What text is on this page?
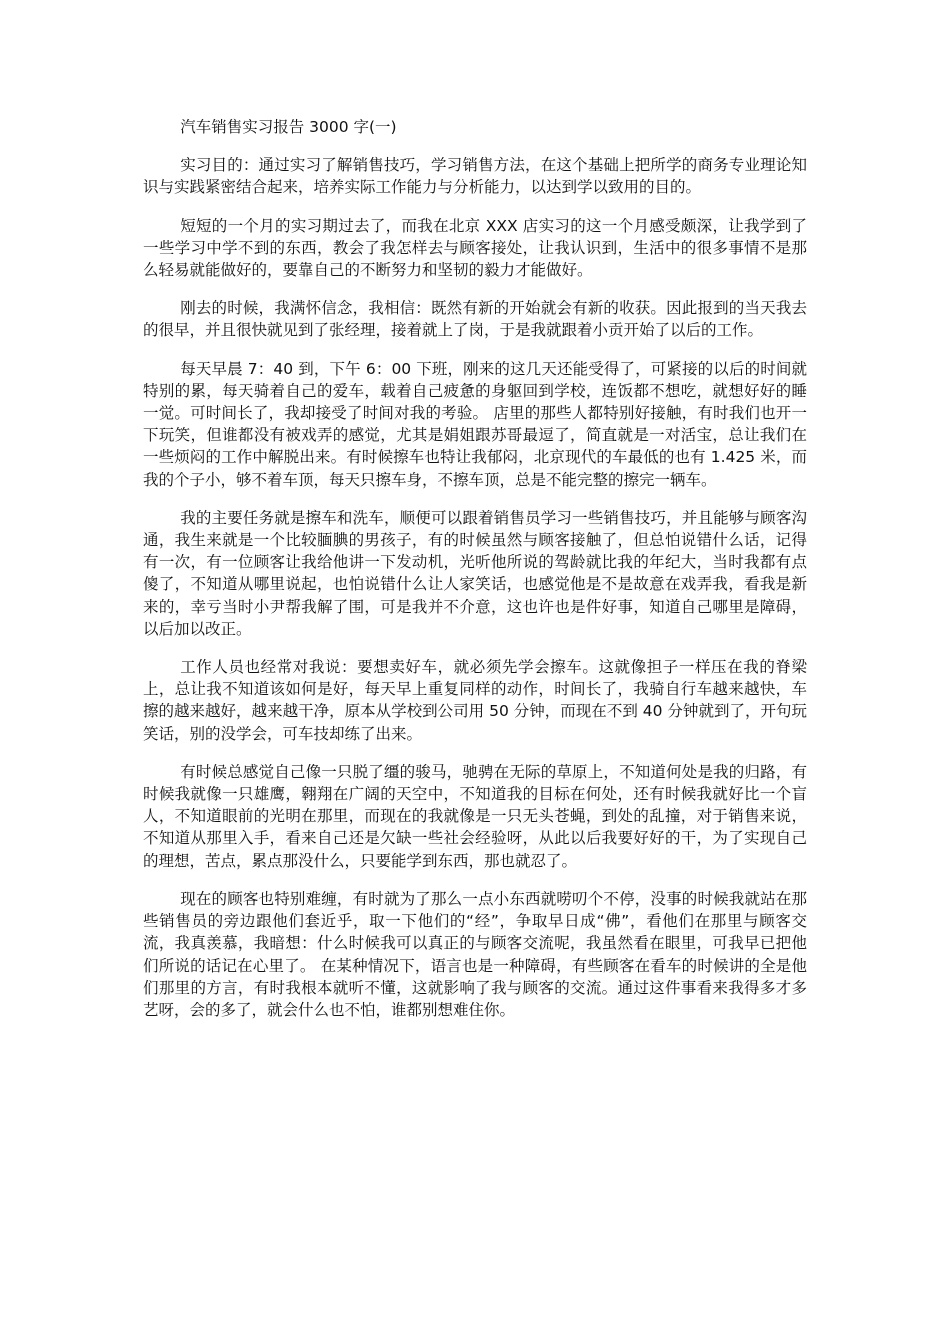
汽车销售实习报告 3000 字(一)

实习目的：通过实习了解销售技巧，学习销售方法，在这个基础上把所学的商务专业理论知识与实践紧密结合起来，培养实际工作能力与分析能力，以达到学以致用的目的。

短短的一个月的实习期过去了，而我在北京 XXX 店实习的这一个月感受颇深，让我学到了一些学习中学不到的东西，教会了我怎样去与顾客接处，让我认识到，生活中的很多事情不是那么轻易就能做好的，要靠自己的不断努力和坚韧的毅力才能做好。

刚去的时候，我满怀信念，我相信：既然有新的开始就会有新的收获。因此报到的当天我去的很早，并且很快就见到了张经理，接着就上了岗，于是我就跟着小贡开始了以后的工作。

每天早晨 7：40 到，下午 6：00 下班，刚来的这几天还能受得了，可紧接的以后的时间就特别的累，每天骑着自己的爱车，载着自己疲惫的身躯回到学校，连饭都不想吃，就想好好的睡一觉。可时间长了，我却接受了时间对我的考验。 店里的那些人都特别好接触，有时我们也开一下玩笑，但谁都没有被戏弄的感觉，尤其是娟姐跟苏哥最逗了，简直就是一对活宝，总让我们在一些烦闷的工作中解脱出来。有时候擦车也特让我郁闷，北京现代的车最低的也有 1.425 米，而我的个子小，够不着车顶，每天只擦车身，不擦车顶，总是不能完整的擦完一辆车。

我的主要任务就是擦车和洗车，顺便可以跟着销售员学习一些销售技巧，并且能够与顾客沟通，我生来就是一个比较腼腆的男孩子，有的时候虽然与顾客接触了，但总怕说错什么话，记得有一次，有一位顾客让我给他讲一下发动机，光听他所说的驾龄就比我的年纪大，当时我都有点傻了，不知道从哪里说起，也怕说错什么让人家笑话，也感觉他是不是故意在戏弄我，看我是新来的，幸亏当时小尹帮我解了围，可是我并不介意，这也许也是件好事，知道自己哪里是障碍，以后加以改正。

工作人员也经常对我说：要想卖好车，就必须先学会擦车。这就像担子一样压在我的脊梁上，总让我不知道该如何是好，每天早上重复同样的动作，时间长了，我骑自行车越来越快，车擦的越来越好，越来越干净，原本从学校到公司用 50 分钟，而现在不到 40 分钟就到了，开句玩笑话，别的没学会，可车技却练了出来。

有时候总感觉自己像一只脱了缰的骏马，驰骋在无际的草原上，不知道何处是我的归路，有时候我就像一只雄鹰，翱翔在广阔的天空中，不知道我的目标在何处，还有时候我就好比一个盲人，不知道眼前的光明在那里，而现在的我就像是一只无头苍蝇，到处的乱撞，对于销售来说，不知道从那里入手，看来自己还是欠缺一些社会经验呀，从此以后我要好好的干，为了实现自己的理想，苦点，累点那没什么，只要能学到东西，那也就忍了。

现在的顾客也特别难缠，有时就为了那么一点小东西就唠叨个不停，没事的时候我就站在那些销售员的旁边跟他们套近乎，取一下他们的“经”，争取早日成“佛”，看他们在那里与顾客交流，我真羡慕，我暗想：什么时候我可以真正的与顾客交流呢，我虽然看在眼里，可我早已把他们所说的话记在心里了。 在某种情况下，语言也是一种障碍，有些顾客在看车的时候讲的全是他们那里的方言，有时我根本就听不懂，这就影响了我与顾客的交流。通过这件事看来我得多才多艺呀，会的多了，就会什么也不怕，谁都别想难住你。
